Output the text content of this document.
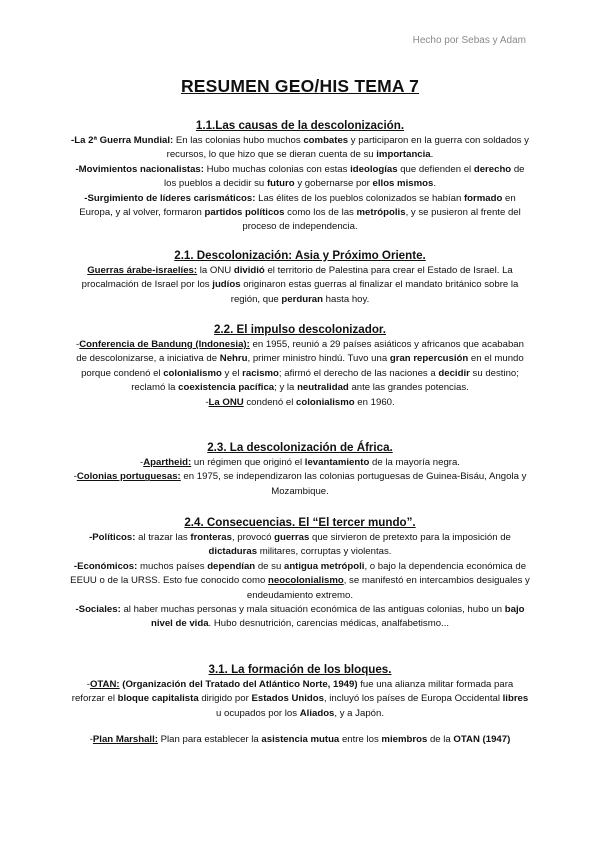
Hecho por Sebas y Adam
RESUMEN GEO/HIS TEMA 7
1.1.Las causas de la descolonización.

-La 2ª Guerra Mundial: En las colonias hubo muchos combates y participaron en la guerra con soldados y recursos, lo que hizo que se dieran cuenta de su importancia.

-Movimientos nacionalistas: Hubo muchas colonias con estas ideologías que defienden el derecho de los pueblos a decidir su futuro y gobernarse por ellos mismos.

-Surgimiento de líderes carismáticos: Las élites de los pueblos colonizados se habían formado en Europa, y al volver, formaron partidos políticos como los de las metrópolis, y se pusieron al frente del proceso de independencia.

2.1. Descolonización: Asia y Próximo Oriente.

Guerras árabe-israelíes: la ONU dividió el territorio de Palestina para crear el Estado de Israel. La procalmación de Israel por los judíos originaron estas guerras al finalizar el mandato británico sobre la región, que perduran hasta hoy.

2.2. El impulso descolonizador.

-Conferencia de Bandung (Indonesia): en 1955, reunió a 29 países asiáticos y africanos que acababan de descolonizarse, a iniciativa de Nehru, primer ministro hindú. Tuvo una gran repercusión en el mundo porque condenó el colonialismo y el racismo; afirmó el derecho de las naciones a decidir su destino; reclamó la coexistencia pacífica; y la neutralidad ante las grandes potencias.

-La ONU condenó el colonialismo en 1960.

2.3. La descolonización de África.

-Apartheid: un régimen que originó el levantamiento de la mayoría negra.

-Colonias portuguesas: en 1975, se independizaron las colonias portuguesas de Guinea-Bisáu, Angola y Mozambique.

2.4. Consecuencias. El “El tercer mundo”.

-Políticos: al trazar las fronteras, provocó guerras que sirvieron de pretexto para la imposición de dictaduras militares, corruptas y violentas.

-Económicos: muchos países dependían de su antigua metrópoli, o bajo la dependencia económica de EEUU o de la URSS. Esto fue conocido como neocolonialismo, se manifestó en intercambios desiguales y endeudamiento extremo.

-Sociales: al haber muchas personas y mala situación económica de las antiguas colonias, hubo un bajo nivel de vida. Hubo desnutrición, carencias médicas, analfabetismo...

3.1. La formación de los bloques.

-OTAN: (Organización del Tratado del Atlántico Norte, 1949) fue una alianza militar formada para reforzar el bloque capitalista dirigido por Estados Unidos, incluyó los países de Europa Occidental libres u ocupados por los Aliados, y a Japón.

-Plan Marshall: Plan para establecer la asistencia mutua entre los miembros de la OTAN (1947)
